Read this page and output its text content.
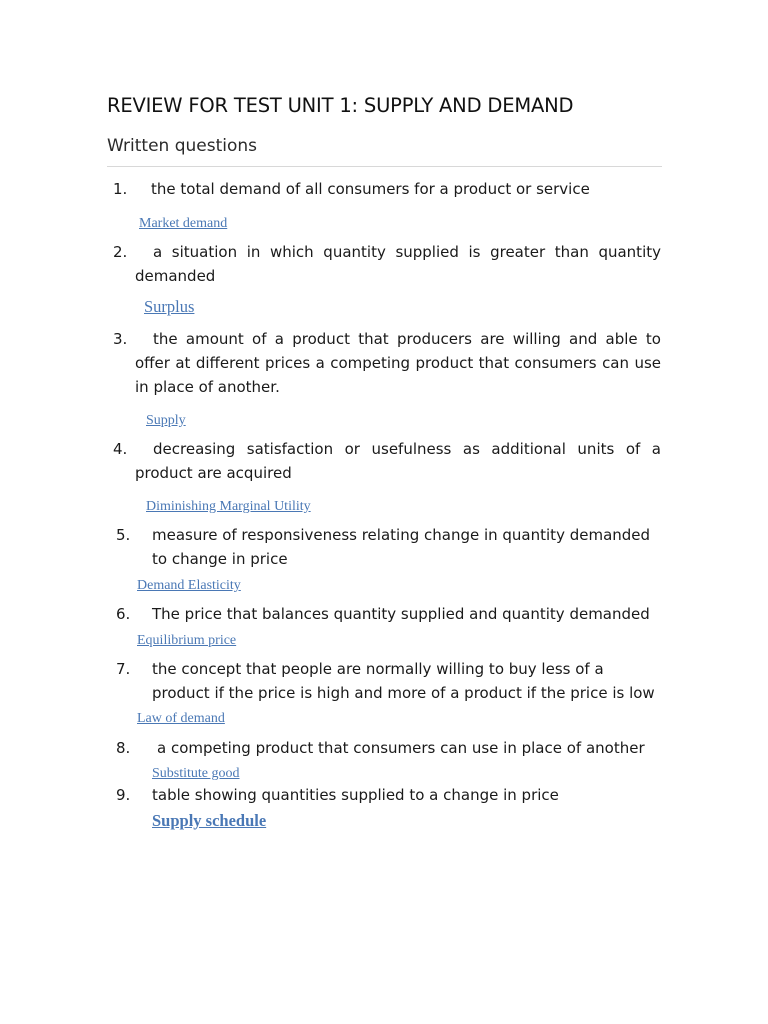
REVIEW FOR TEST UNIT 1: SUPPLY AND DEMAND
Written questions
1. the total demand of all consumers for a product or service
Market demand
2.	a situation in which quantity supplied is greater than quantity demanded
Surplus
3.	the amount of a product that producers are willing and able to offer at different prices a competing product that consumers can use in place of another.
Supply
4.	decreasing satisfaction or usefulness as additional units of a product are acquired
Diminishing Marginal Utility
5. measure of responsiveness relating change in quantity demanded to change in price
Demand Elasticity
6. The price that balances quantity supplied and quantity demanded
Equilibrium price
7. the concept that people are normally willing to buy less of a product if the price is high and more of a product if the price is low
Law of demand
8. a competing product that consumers can use in place of another
Substitute good
9. table showing quantities supplied to a change in price
Supply schedule
